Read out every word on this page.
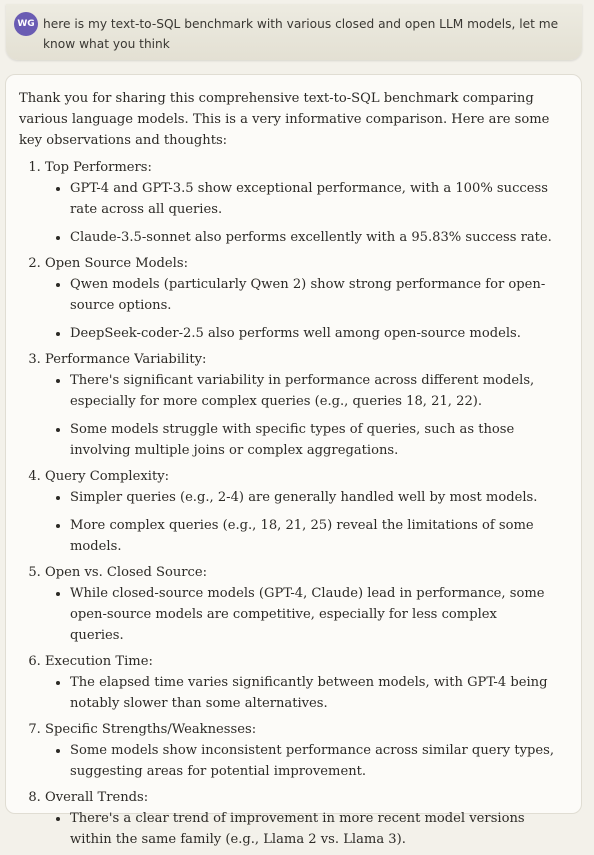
WG here is my text-to-SQL benchmark with various closed and open LLM models, let me know what you think

Thank you for sharing this comprehensive text-to-SQL benchmark comparing various language models. This is a very informative comparison. Here are some key observations and thoughts:

1. Top Performers:
• GPT-4 and GPT-3.5 show exceptional performance, with a 100% success rate across all queries.
• Claude-3.5-sonnet also performs excellently with a 95.83% success rate.
2. Open Source Models:
• Qwen models (particularly Qwen 2) show strong performance for open-source options.
• DeepSeek-coder-2.5 also performs well among open-source models.
3. Performance Variability:
• There's significant variability in performance across different models, especially for more complex queries (e.g., queries 18, 21, 22).
• Some models struggle with specific types of queries, such as those involving multiple joins or complex aggregations.
4. Query Complexity:
• Simpler queries (e.g., 2-4) are generally handled well by most models.
• More complex queries (e.g., 18, 21, 25) reveal the limitations of some models.
5. Open vs. Closed Source:
• While closed-source models (GPT-4, Claude) lead in performance, some open-source models are competitive, especially for less complex queries.
6. Execution Time:
• The elapsed time varies significantly between models, with GPT-4 being notably slower than some alternatives.
7. Specific Strengths/Weaknesses:
• Some models show inconsistent performance across similar query types, suggesting areas for potential improvement.
8. Overall Trends:
• There's a clear trend of improvement in more recent model versions within the same family (e.g., Llama 2 vs. Llama 3).
